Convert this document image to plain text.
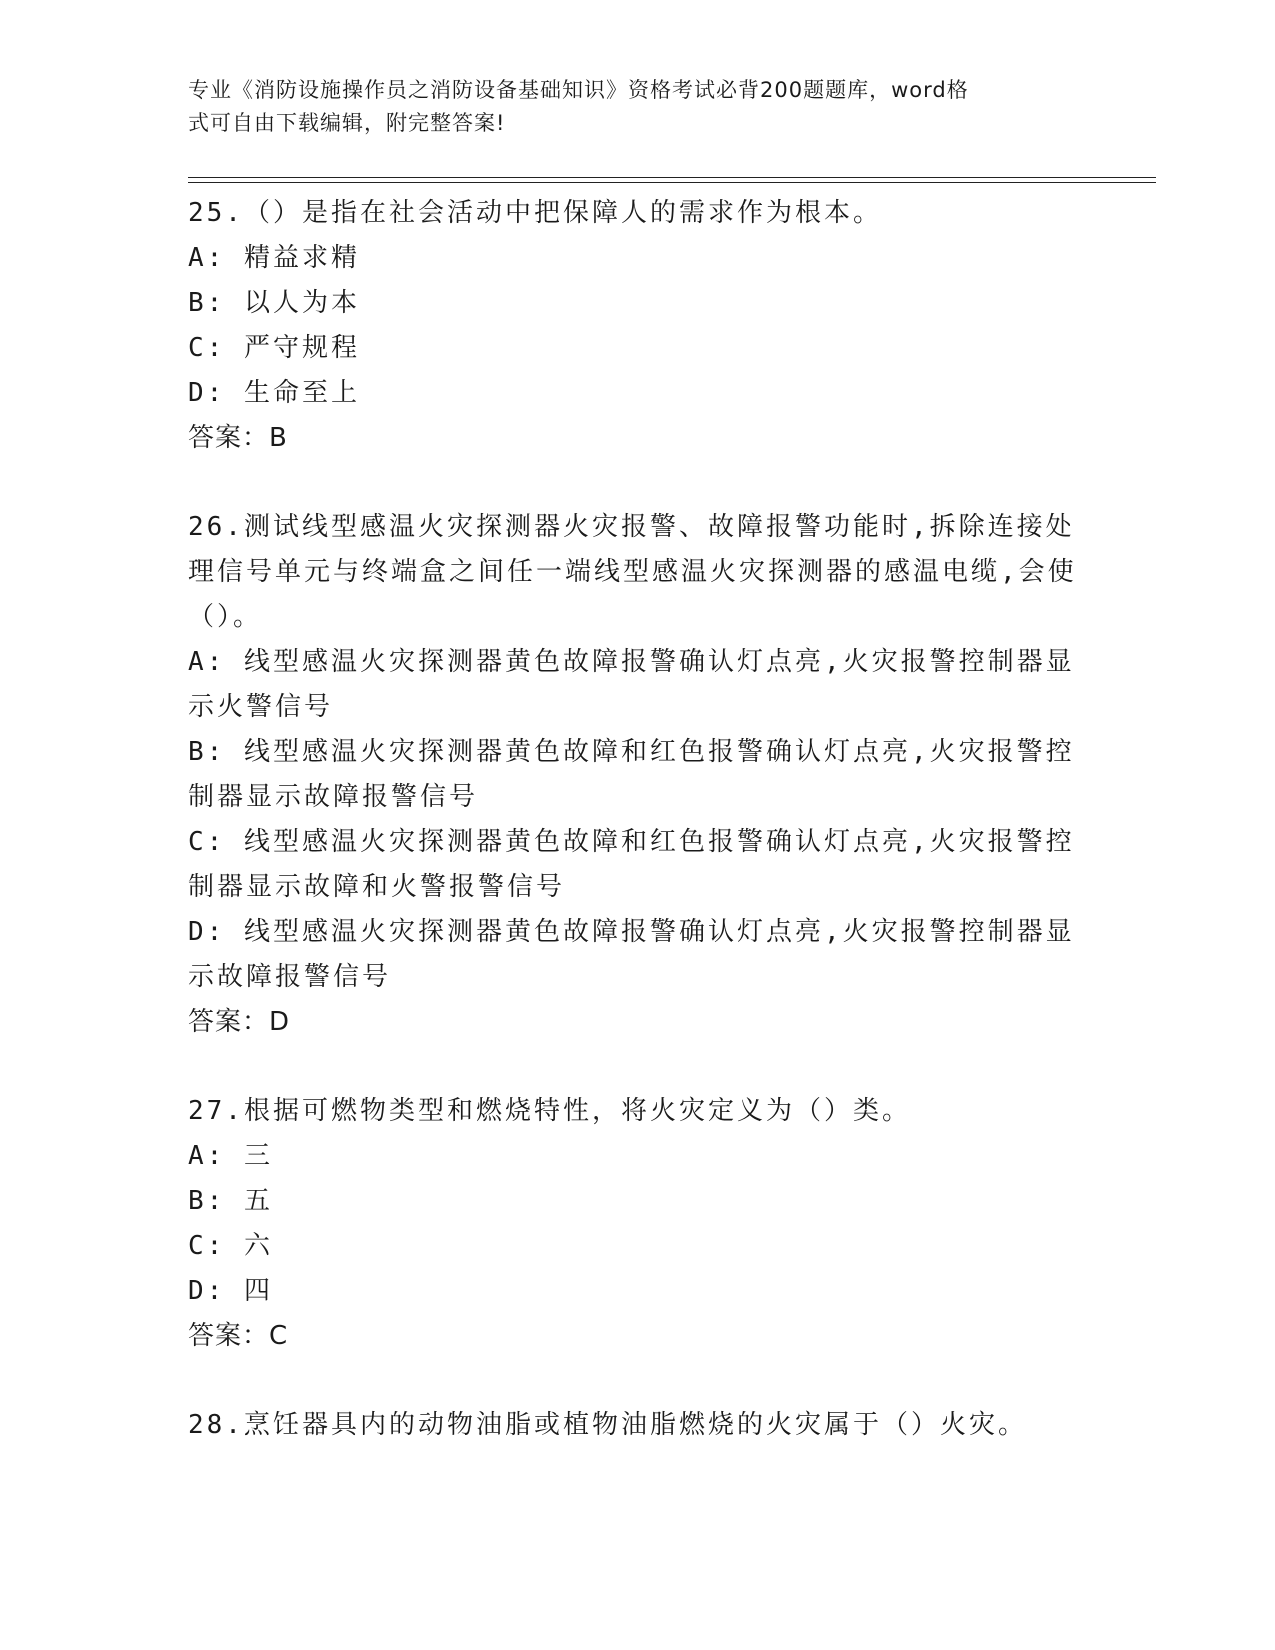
专业《消防设施操作员之消防设备基础知识》资格考试必背200题题库，word格
式可自由下载编辑，附完整答案!
25.（）是指在社会活动中把保障人的需求作为根本。
A: 精益求精
B: 以人为本
C: 严守规程
D: 生命至上
答案：B
26.测试线型感温火灾探测器火灾报警、故障报警功能时,拆除连接处
理信号单元与终端盒之间任一端线型感温火灾探测器的感温电缆,会使
（）。
A: 线型感温火灾探测器黄色故障报警确认灯点亮,火灾报警控制器显
示火警信号
B: 线型感温火灾探测器黄色故障和红色报警确认灯点亮,火灾报警控
制器显示故障报警信号
C: 线型感温火灾探测器黄色故障和红色报警确认灯点亮,火灾报警控
制器显示故障和火警报警信号
D: 线型感温火灾探测器黄色故障报警确认灯点亮,火灾报警控制器显
示故障报警信号
答案：D
27.根据可燃物类型和燃烧特性，将火灾定义为（）类。
A: 三
B: 五
C: 六
D: 四
答案：C
28.烹饪器具内的动物油脂或植物油脂燃烧的火灾属于（）火灾。
